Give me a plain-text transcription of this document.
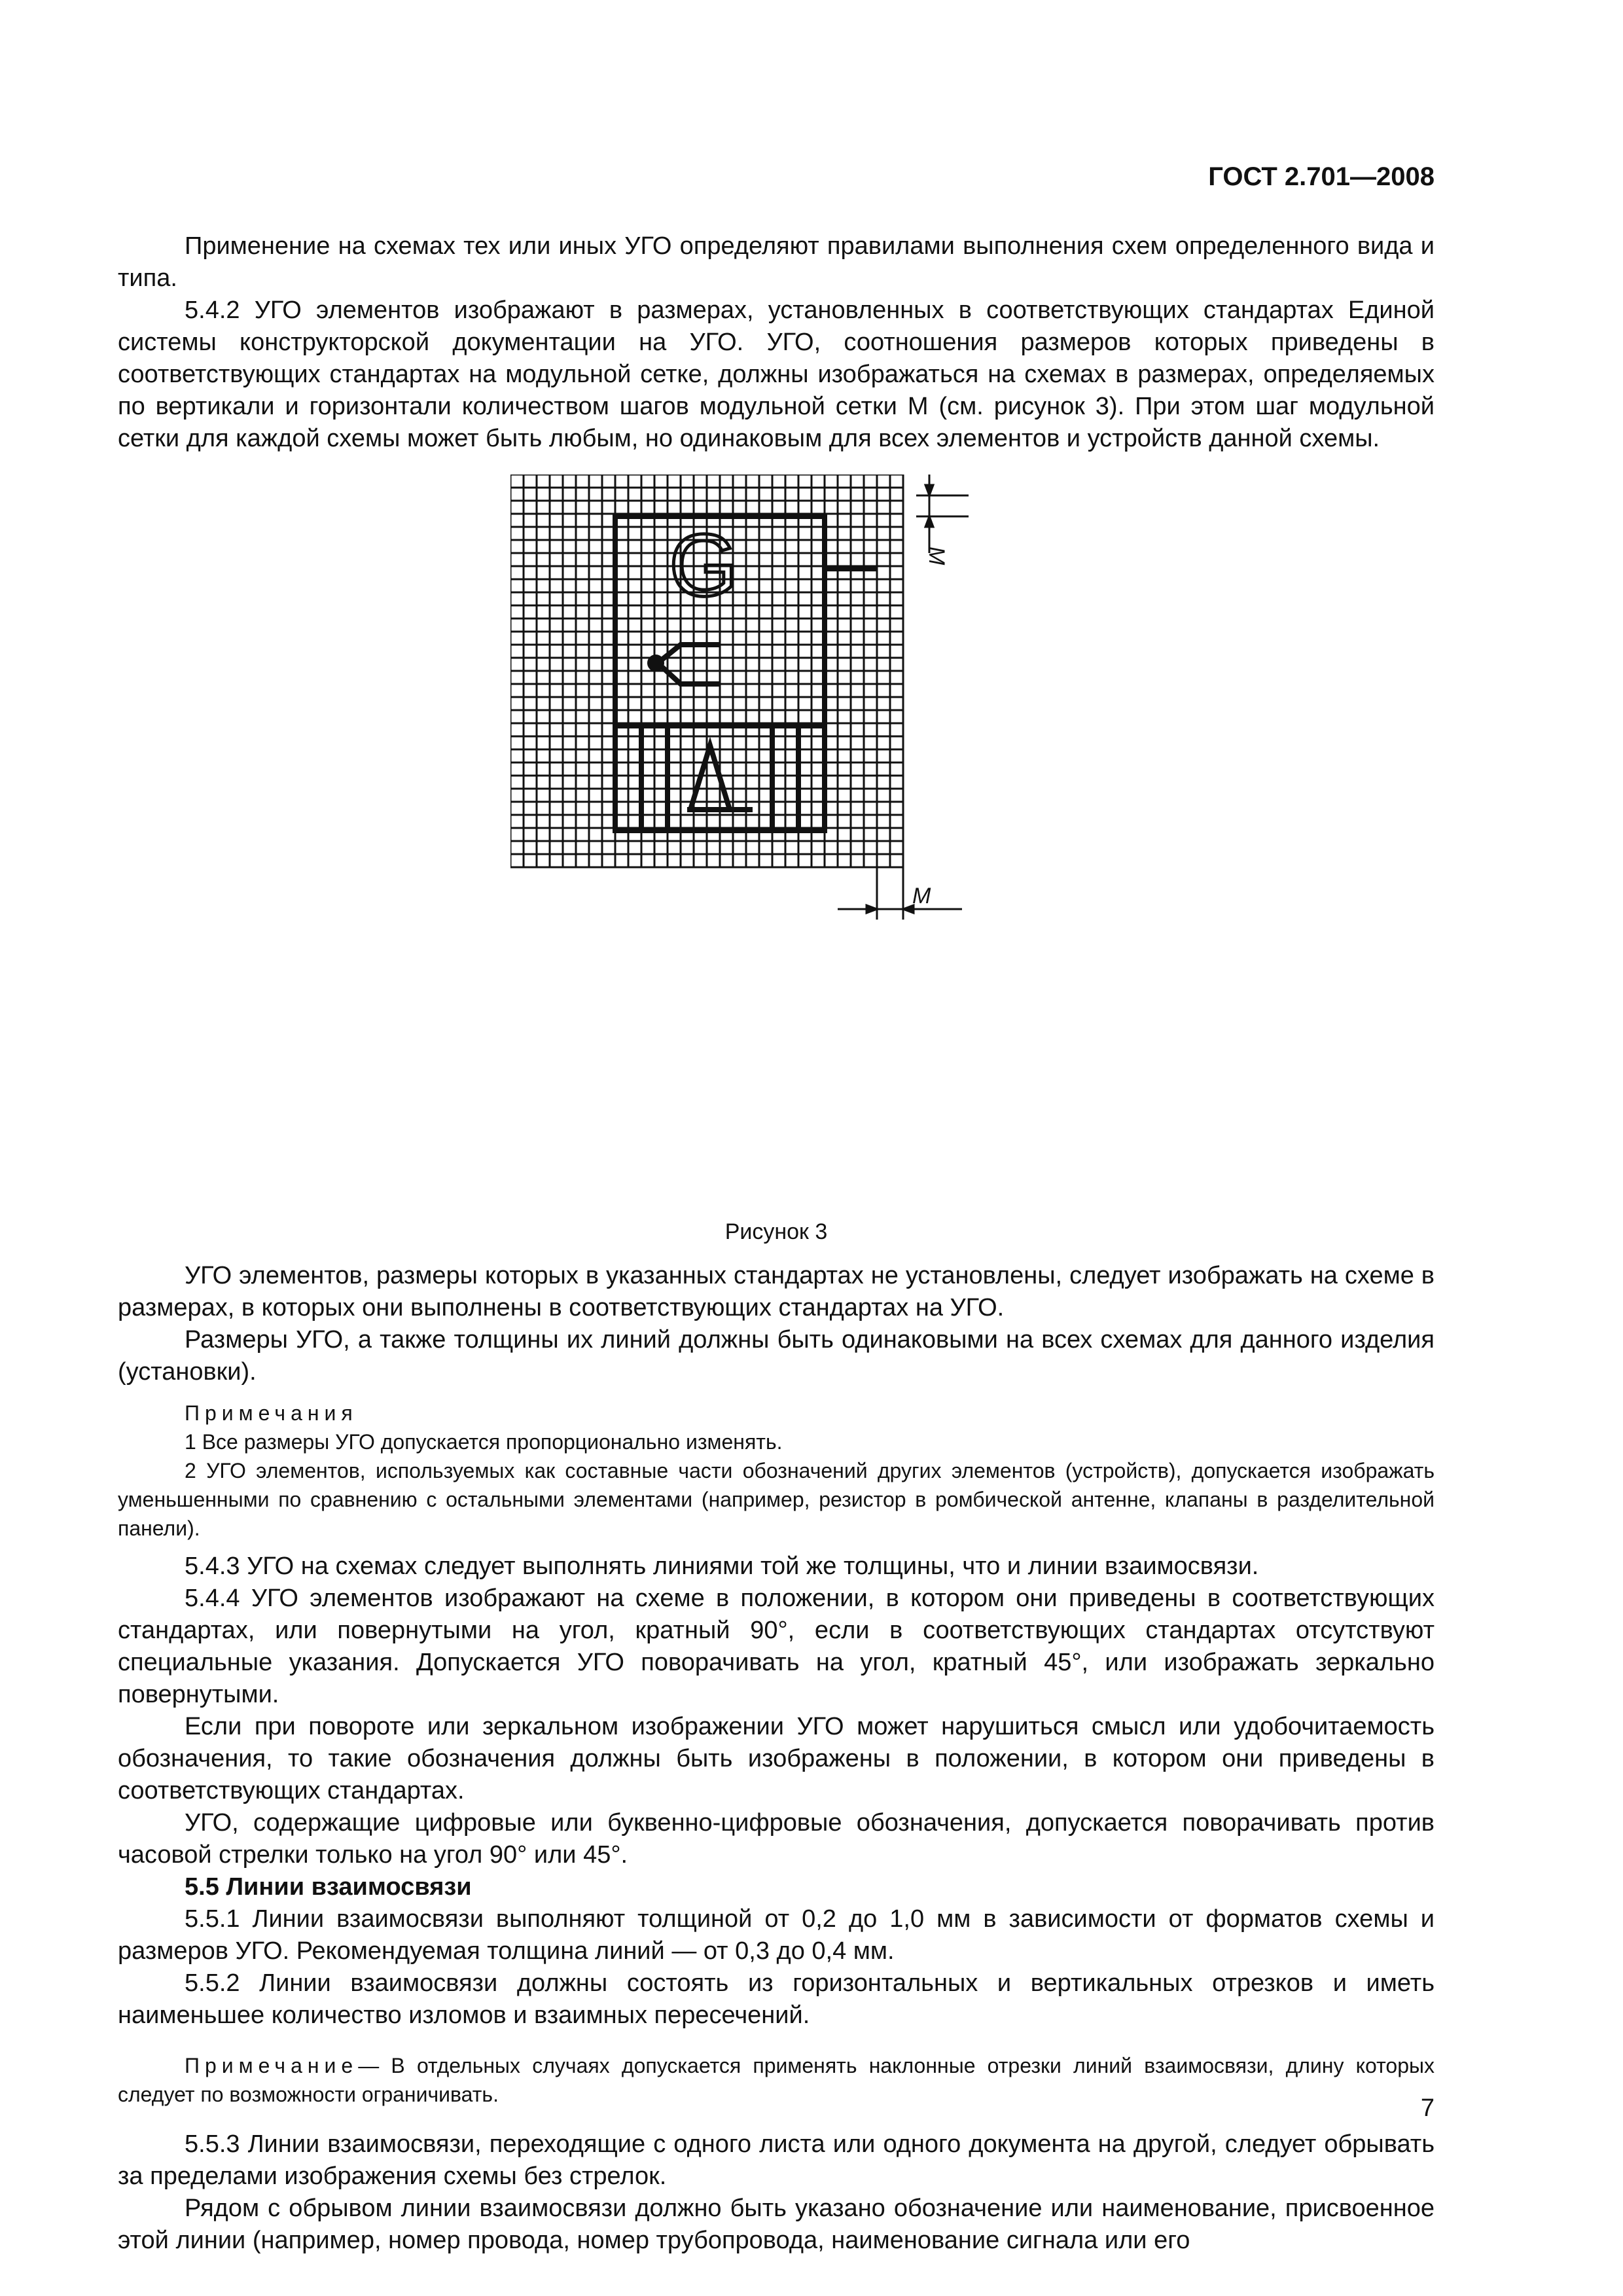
ГОСТ 2.701—2008

Применение на схемах тех или иных УГО определяют правилами выполнения схем определенного вида и типа.

5.4.2 УГО элементов изображают в размерах, установленных в соответствующих стандартах Единой системы конструкторской документации на УГО. УГО, соотношения размеров которых приведены в соответствующих стандартах на модульной сетке, должны изображаться на схемах в размерах, определяемых по вертикали и горизонтали количеством шагов модульной сетки М (см. рисунок 3). При этом шаг модульной сетки для каждой схемы может быть любым, но одинаковым для всех элементов и устройств данной схемы.

G	М
М
Рисунок 3

УГО элементов, размеры которых в указанных стандартах не установлены, следует изображать на схеме в размерах, в которых они выполнены в соответствующих стандартах на УГО.

Размеры УГО, а также толщины их линий должны быть одинаковыми на всех схемах для данного изделия (установки).

Примечания

1 Все размеры УГО допускается пропорционально изменять.

2 УГО элементов, используемых как составные части обозначений других элементов (устройств), допускается изображать уменьшенными по сравнению с остальными элементами (например, резистор в ромбической антенне, клапаны в разделительной панели).

5.4.3 УГО на схемах следует выполнять линиями той же толщины, что и линии взаимосвязи.

5.4.4 УГО элементов изображают на схеме в положении, в котором они приведены в соответствующих стандартах, или повернутыми на угол, кратный 90°, если в соответствующих стандартах отсутствуют специальные указания. Допускается УГО поворачивать на угол, кратный 45°, или изображать зеркально повернутыми.

Если при повороте или зеркальном изображении УГО может нарушиться смысл или удобочитаемость обозначения, то такие обозначения должны быть изображены в положении, в котором они приведены в соответствующих стандартах.

УГО, содержащие цифровые или буквенно-цифровые обозначения, допускается поворачивать против часовой стрелки только на угол 90° или 45°.

5.5 Линии взаимосвязи

5.5.1 Линии взаимосвязи выполняют толщиной от 0,2 до 1,0 мм в зависимости от форматов схемы и размеров УГО. Рекомендуемая толщина линий — от 0,3 до 0,4 мм.

5.5.2 Линии взаимосвязи должны состоять из горизонтальных и вертикальных отрезков и иметь наименьшее количество изломов и взаимных пересечений.

Примечание— В отдельных случаях допускается применять наклонные отрезки линий взаимосвязи, длину которых следует по возможности ограничивать.

5.5.3 Линии взаимосвязи, переходящие с одного листа или одного документа на другой, следует обрывать за пределами изображения схемы без стрелок.

Рядом с обрывом линии взаимосвязи должно быть указано обозначение или наименование, присвоенное этой линии (например, номер провода, номер трубопровода, наименование сигнала или его

7
